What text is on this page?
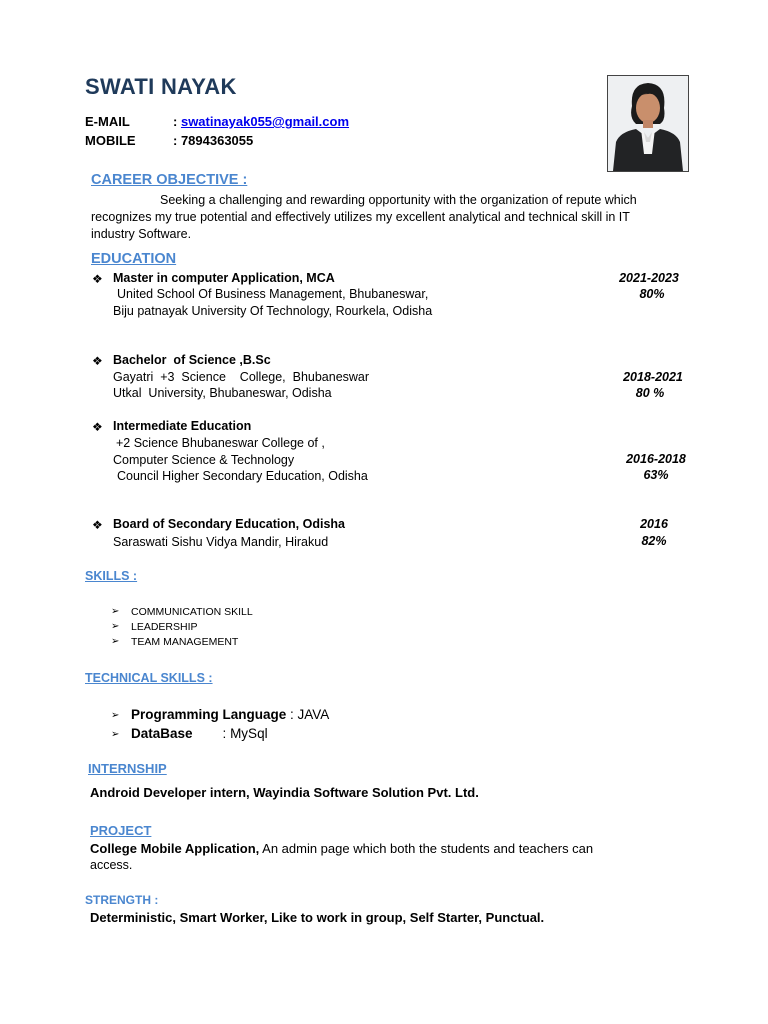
SWATI NAYAK
E-MAIL	: swatinayak055@gmail.com
MOBILE	: 7894363055
CAREER OBJECTIVE :
Seeking a challenging and rewarding opportunity with the organization of repute which
recognizes my true potential and effectively utilizes my excellent analytical and technical skill in IT
industry Software.
EDUCATION
❖ Master in computer Application, MCA
United School Of Business Management, Bhubaneswar,
Biju patnayak University Of Technology, Rourkela, Odisha
2021-2023
80%
❖ Bachelor  of Science ,B.Sc
Gayatri  +3  Science    College,  Bhubaneswar
Utkal  University, Bhubaneswar, Odisha
2018-2021
80 %
❖ Intermediate Education
+2 Science Bhubaneswar College of ,
Computer Science & Technology
Council Higher Secondary Education, Odisha
2016-2018
63%
❖ Board of Secondary Education, Odisha
Saraswati Sishu Vidya Mandir, Hirakud
2016
82%
SKILLS :
➢ COMMUNICATION SKILL
➢ LEADERSHIP
➢ TEAM MANAGEMENT
TECHNICAL SKILLS :
➢ Programming Language : JAVA
➢ DataBase        : MySql
INTERNSHIP
Android Developer intern, Wayindia Software Solution Pvt. Ltd.
PROJECT
College Mobile Application, An admin page which both the students and teachers can
access.
STRENGTH :
Deterministic, Smart Worker, Like to work in group, Self Starter, Punctual.
